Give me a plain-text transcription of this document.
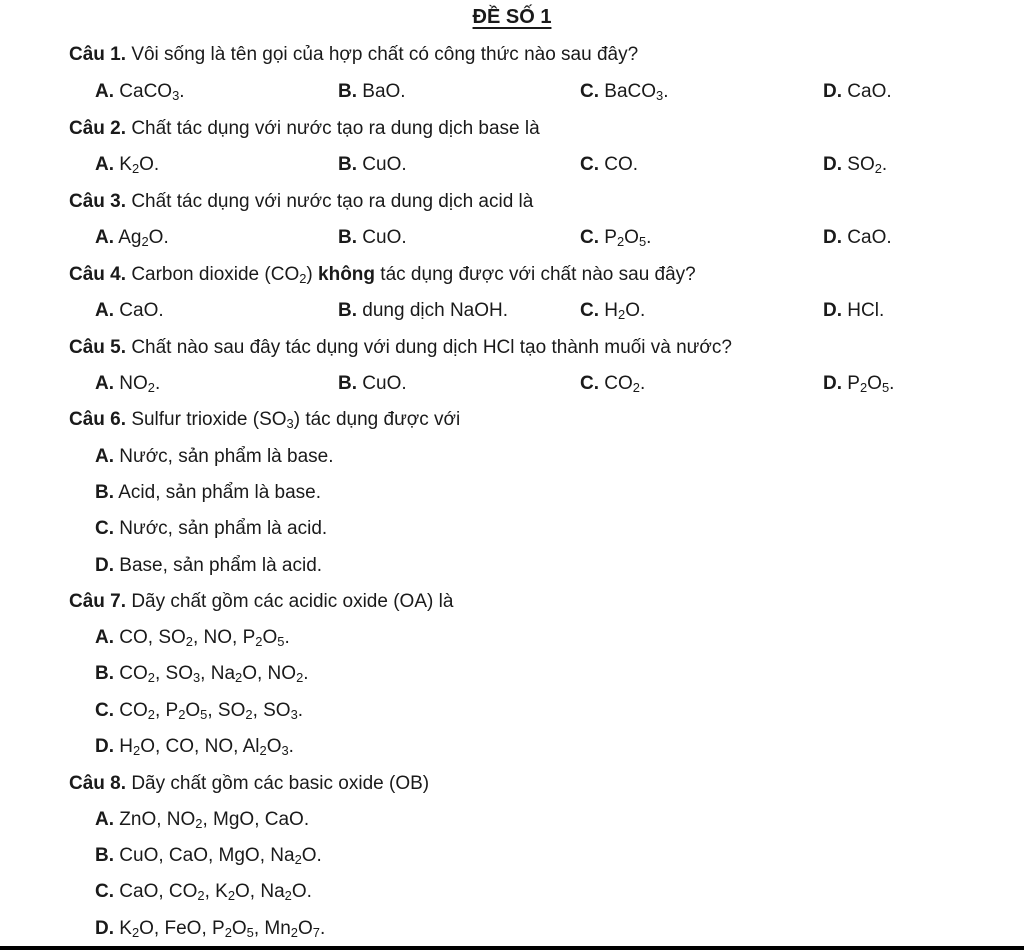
ĐỀ SỐ 1
Câu 1. Vôi sống là tên gọi của hợp chất có công thức nào sau đây?
A. CaCO$_3$.	B. BaO.	C. BaCO$_3$.	D. CaO.
Câu 2. Chất tác dụng với nước tạo ra dung dịch base là
A. $K_2O$.	B. CuO.	C. CO.	D. $SO_2$.
Câu 3. Chất tác dụng với nước tạo ra dung dịch acid là
A. $Ag_2O$.	B. CuO.	C. $P_2O_5$.	D. CaO.
Câu 4. Carbon dioxide $(CO_2)$ không tác dụng được với chất nào sau đây?
A. CaO.	B. dung dịch NaOH.	C. $H_2O$.	D. HCl.
Câu 5. Chất nào sau đây tác dụng với dung dịch HCl tạo thành muối và nước?
A. $NO_2$.	B. CuO.	C. $CO_2$.	D. $P_2O_5$.
Câu 6. Sulfur trioxide $(SO_3)$ tác dụng được với
A. Nước, sản phẩm là base.
B. Acid, sản phẩm là base.
C. Nước, sản phẩm là acid.
D. Base, sản phẩm là acid.
Câu 7. Dãy chất gồm các acidic oxide (OA) là
A. CO, $SO_2$, NO, $P_2O_5$.
B. $CO_2$, $SO_3$, $Na_2O$, $NO_2$.
C. $CO_2$, $P_2O_5$, $SO_2$, $SO_3$.
D. $H_2O$, CO, NO, $Al_2O_3$.
Câu 8. Dãy chất gồm các basic oxide (OB)
A. ZnO, $NO_2$, MgO, CaO.
B. CuO, CaO, MgO, $Na_2O$.
C. CaO, $CO_2$, $K_2O$, $Na_2O$.
D. $K_2O$, FeO, $P_2O_5$, $Mn_2O_7$.
